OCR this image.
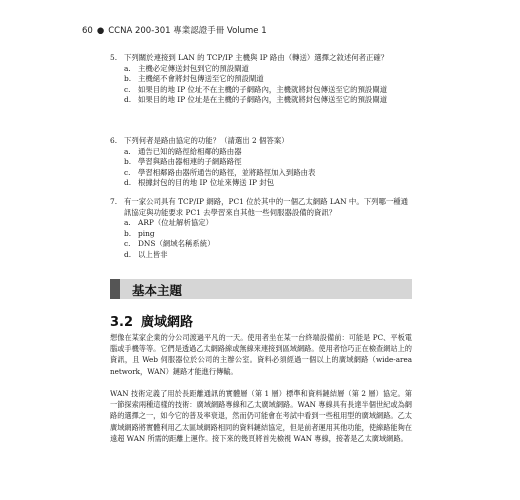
60 ● CCNA 200-301 專業認證手冊 Volume 1
5. 下列關於連接到 LAN 的 TCP/IP 主機與 IP 路由（轉送）選擇之敘述何者正確？
a. 主機必定傳送封包到它的預設閘道
b. 主機絕不會將封包傳送至它的預設閘道
c. 如果目的地 IP 位址不在主機的子網路內，主機就將封包傳送至它的預設閘道
d. 如果目的地 IP 位址是在主機的子網路內，主機就將封包傳送至它的預設閘道
6. 下列何者是路由協定的功能？（請選出 2 個答案）
a. 通告已知的路徑給相鄰的路由器
b. 學習與路由器相連的子網路路徑
c. 學習相鄰路由器所通告的路徑，並將路徑加入到路由表
d. 根據封包的目的地 IP 位址來傳送 IP 封包
7. 有一家公司具有 TCP/IP 網路，PC1 位於其中的一個乙太網路 LAN 中。下列哪一種通訊協定與功能要求 PC1 去學習來自其他一些伺服器設備的資訊？
a. ARP（位址解析協定）
b. ping
c. DNS（網域名稱系統）
d. 以上皆非
基本主題
3.2 廣域網路
想像在某家企業的分公司渡過平凡的一天。使用者坐在某一台終端設備前：可能是 PC、平板電腦或手機等等。它們是透過乙太網路線或無線來連接到區域網路。使用者恰巧正在檢查網站上的資訊，且 Web 伺服器位於公司的主辦公室。資料必須經過一個以上的廣域網路（wide-area network，WAN）鏈路才能進行傳輸。
WAN 技術定義了用於長距離通訊的實體層（第 1 層）標準和資料鏈結層（第 2 層）協定。第一節探索兩種這樣的技術：廣域網路專線和乙太廣域網路。WAN 專線具有長達半個世紀或為網路的選擇之一，如今它的普及率衰退，然而仍可能會在考試中看到一些租用型的廣域網路。乙太廣域網路將實體利用乙太區域網路相同的資料鏈結協定，但是前者運用其他功能，使線路能夠在遠超 WAN 所需的距離上運作。接下來的幾頁將首先檢視 WAN 專線，接著是乙太廣域網路。
